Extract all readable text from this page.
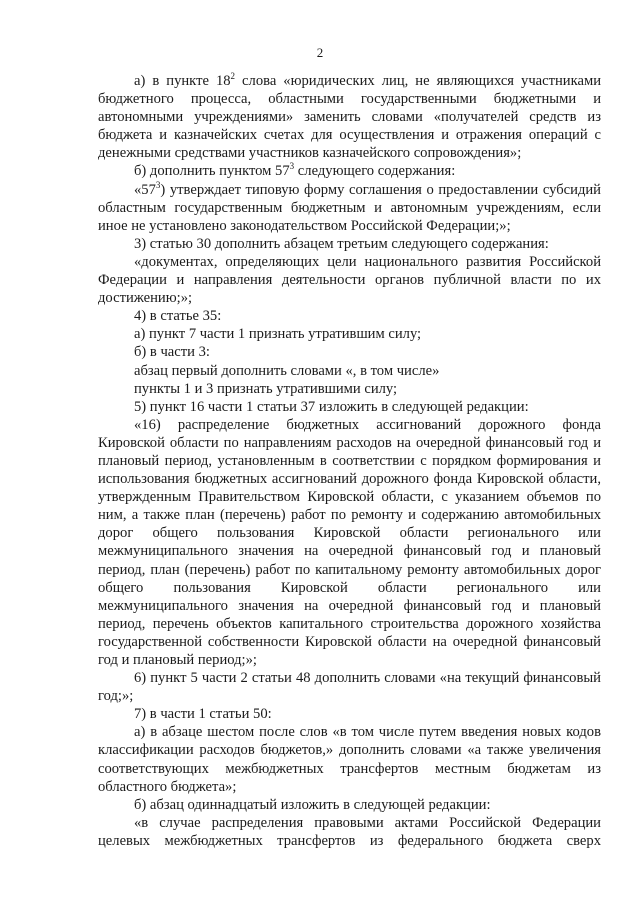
2

а) в пункте $18^2$ слова «юридических лиц, не являющихся участниками бюджетного процесса, областными государственными бюджетными и автономными учреждениями» заменить словами «получателей средств из бюджета и казначейских счетах для осуществления и отражения операций с денежными средствами участников казначейского сопровождения»;

б) дополнить пунктом $57^3$ следующего содержания:

«$57^3$) утверждает типовую форму соглашения о предоставлении субсидий областным государственным бюджетным и автономным учреждениям, если иное не установлено законодательством Российской Федерации;»;

3) статью 30 дополнить абзацем третьим следующего содержания:

«документах, определяющих цели национального развития Российской Федерации и направления деятельности органов публичной власти по их достижению;»;

4) в статье 35:

а) пункт 7 части 1 признать утратившим силу;

б) в части 3:

абзац первый дополнить словами «, в том числе»

пункты 1 и 3 признать утратившими силу;

5) пункт 16 части 1 статьи 37 изложить в следующей редакции:

«16) распределение бюджетных ассигнований дорожного фонда Кировской области по направлениям расходов на очередной финансовый год и плановый период, установленным в соответствии с порядком формирования и использования бюджетных ассигнований дорожного фонда Кировской области, утвержденным Правительством Кировской области, с указанием объемов по ним, а также план (перечень) работ по ремонту и содержанию автомобильных дорог общего пользования Кировской области регионального или межмуниципального значения на очередной финансовый год и плановый период, план (перечень) работ по капитальному ремонту автомобильных дорог общего пользования Кировской области регионального или межмуниципального значения на очередной финансовый год и плановый период, перечень объектов капитального строительства дорожного хозяйства государственной собственности Кировской области на очередной финансовый год и плановый период;»;

6) пункт 5 части 2 статьи 48 дополнить словами «на текущий финансовый год;»;

7) в части 1 статьи 50:

а) в абзаце шестом после слов «в том числе путем введения новых кодов классификации расходов бюджетов,» дополнить словами «а также увеличения соответствующих межбюджетных трансфертов местным бюджетам из областного бюджета»;

б) абзац одиннадцатый изложить в следующей редакции:

«в случае распределения правовыми актами Российской Федерации целевых межбюджетных трансфертов из федерального бюджета сверх
